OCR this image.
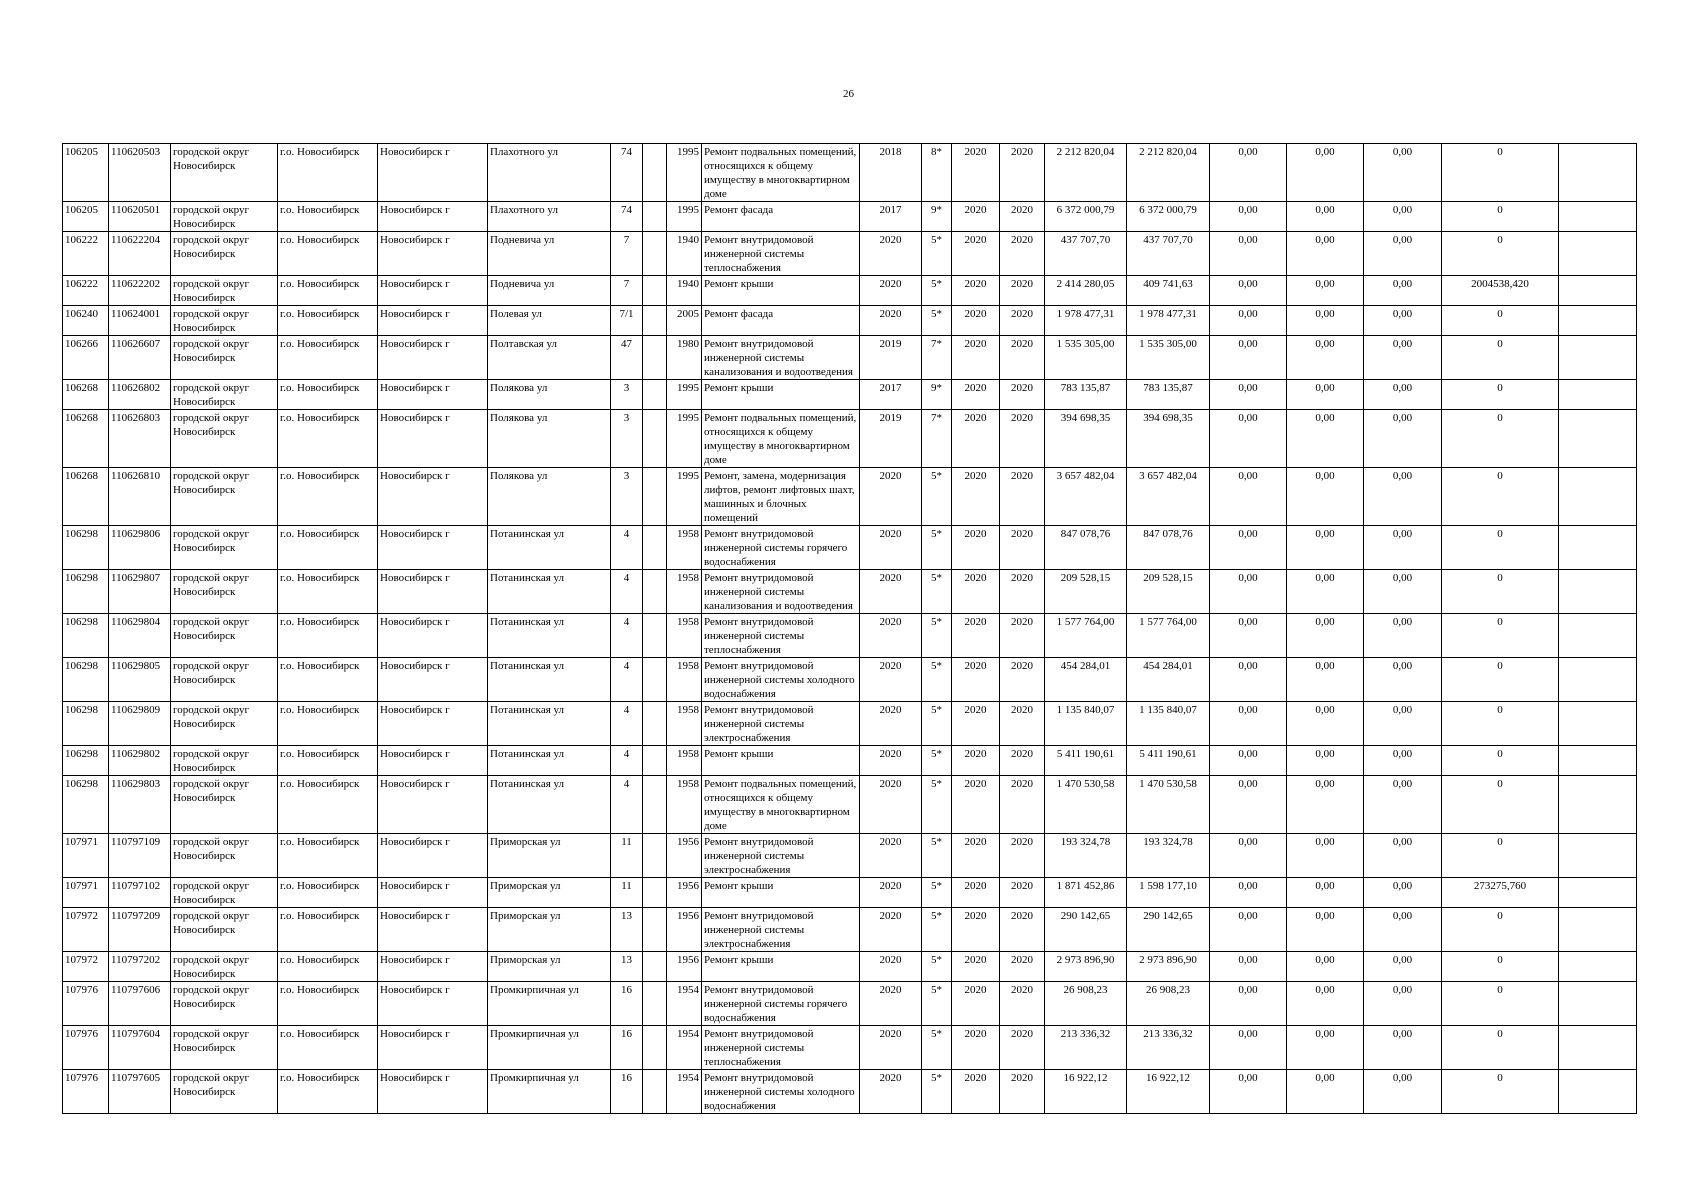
26
106205	110620503	городской округ Новосибирск	г.о. Новосибирск	Новосибирск г	Плахотного ул	74		1995	Ремонт подвальных помещений, относящихся к общему имуществу в многоквартирном доме	2018	8*	2020	2020	2 212 820,04	2 212 820,04	0,00	0,00	0,00	0	
106205	110620501	городской округ Новосибирск	г.о. Новосибирск	Новосибирск г	Плахотного ул	74		1995	Ремонт фасада	2017	9*	2020	2020	6 372 000,79	6 372 000,79	0,00	0,00	0,00	0	
106222	110622204	городской округ Новосибирск	г.о. Новосибирск	Новосибирск г	Подневича ул	7		1940	Ремонт внутридомовой инженерной системы теплоснабжения	2020	5*	2020	2020	437 707,70	437 707,70	0,00	0,00	0,00	0	
106222	110622202	городской округ Новосибирск	г.о. Новосибирск	Новосибирск г	Подневича ул	7		1940	Ремонт крыши	2020	5*	2020	2020	2 414 280,05	409 741,63	0,00	0,00	0,00	2004538,420	
106240	110624001	городской округ Новосибирск	г.о. Новосибирск	Новосибирск г	Полевая ул	7/1		2005	Ремонт фасада	2020	5*	2020	2020	1 978 477,31	1 978 477,31	0,00	0,00	0,00	0	
106266	110626607	городской округ Новосибирск	г.о. Новосибирск	Новосибирск г	Полтавская ул	47		1980	Ремонт внутридомовой инженерной системы канализования и водоотведения	2019	7*	2020	2020	1 535 305,00	1 535 305,00	0,00	0,00	0,00	0	
106268	110626802	городской округ Новосибирск	г.о. Новосибирск	Новосибирск г	Полякова ул	3		1995	Ремонт крыши	2017	9*	2020	2020	783 135,87	783 135,87	0,00	0,00	0,00	0	
106268	110626803	городской округ Новосибирск	г.о. Новосибирск	Новосибирск г	Полякова ул	3		1995	Ремонт подвальных помещений, относящихся к общему имуществу в многоквартирном доме	2019	7*	2020	2020	394 698,35	394 698,35	0,00	0,00	0,00	0	
106268	110626810	городской округ Новосибирск	г.о. Новосибирск	Новосибирск г	Полякова ул	3		1995	Ремонт, замена, модернизация лифтов, ремонт лифтовых шахт, машинных и блочных помещений	2020	5*	2020	2020	3 657 482,04	3 657 482,04	0,00	0,00	0,00	0	
106298	110629806	городской округ Новосибирск	г.о. Новосибирск	Новосибирск г	Потанинская ул	4		1958	Ремонт внутридомовой инженерной системы горячего водоснабжения	2020	5*	2020	2020	847 078,76	847 078,76	0,00	0,00	0,00	0	
106298	110629807	городской округ Новосибирск	г.о. Новосибирск	Новосибирск г	Потанинская ул	4		1958	Ремонт внутридомовой инженерной системы канализования и водоотведения	2020	5*	2020	2020	209 528,15	209 528,15	0,00	0,00	0,00	0	
106298	110629804	городской округ Новосибирск	г.о. Новосибирск	Новосибирск г	Потанинская ул	4		1958	Ремонт внутридомовой инженерной системы теплоснабжения	2020	5*	2020	2020	1 577 764,00	1 577 764,00	0,00	0,00	0,00	0	
106298	110629805	городской округ Новосибирск	г.о. Новосибирск	Новосибирск г	Потанинская ул	4		1958	Ремонт внутридомовой инженерной системы холодного водоснабжения	2020	5*	2020	2020	454 284,01	454 284,01	0,00	0,00	0,00	0	
106298	110629809	городской округ Новосибирск	г.о. Новосибирск	Новосибирск г	Потанинская ул	4		1958	Ремонт внутридомовой инженерной системы электроснабжения	2020	5*	2020	2020	1 135 840,07	1 135 840,07	0,00	0,00	0,00	0	
106298	110629802	городской округ Новосибирск	г.о. Новосибирск	Новосибирск г	Потанинская ул	4		1958	Ремонт крыши	2020	5*	2020	2020	5 411 190,61	5 411 190,61	0,00	0,00	0,00	0	
106298	110629803	городской округ Новосибирск	г.о. Новосибирск	Новосибирск г	Потанинская ул	4		1958	Ремонт подвальных помещений, относящихся к общему имуществу в многоквартирном доме	2020	5*	2020	2020	1 470 530,58	1 470 530,58	0,00	0,00	0,00	0	
107971	110797109	городской округ Новосибирск	г.о. Новосибирск	Новосибирск г	Приморская ул	11		1956	Ремонт внутридомовой инженерной системы электроснабжения	2020	5*	2020	2020	193 324,78	193 324,78	0,00	0,00	0,00	0	
107971	110797102	городской округ Новосибирск	г.о. Новосибирск	Новосибирск г	Приморская ул	11		1956	Ремонт крыши	2020	5*	2020	2020	1 871 452,86	1 598 177,10	0,00	0,00	0,00	273275,760	
107972	110797209	городской округ Новосибирск	г.о. Новосибирск	Новосибирск г	Приморская ул	13		1956	Ремонт внутридомовой инженерной системы электроснабжения	2020	5*	2020	2020	290 142,65	290 142,65	0,00	0,00	0,00	0	
107972	110797202	городской округ Новосибирск	г.о. Новосибирск	Новосибирск г	Приморская ул	13		1956	Ремонт крыши	2020	5*	2020	2020	2 973 896,90	2 973 896,90	0,00	0,00	0,00	0	
107976	110797606	городской округ Новосибирск	г.о. Новосибирск	Новосибирск г	Промкирпичная ул	16		1954	Ремонт внутридомовой инженерной системы горячего водоснабжения	2020	5*	2020	2020	26 908,23	26 908,23	0,00	0,00	0,00	0	
107976	110797604	городской округ Новосибирск	г.о. Новосибирск	Новосибирск г	Промкирпичная ул	16		1954	Ремонт внутридомовой инженерной системы теплоснабжения	2020	5*	2020	2020	213 336,32	213 336,32	0,00	0,00	0,00	0	
107976	110797605	городской округ Новосибирск	г.о. Новосибирск	Новосибирск г	Промкирпичная ул	16		1954	Ремонт внутридомовой инженерной системы холодного водоснабжения	2020	5*	2020	2020	16 922,12	16 922,12	0,00	0,00	0,00	0	
